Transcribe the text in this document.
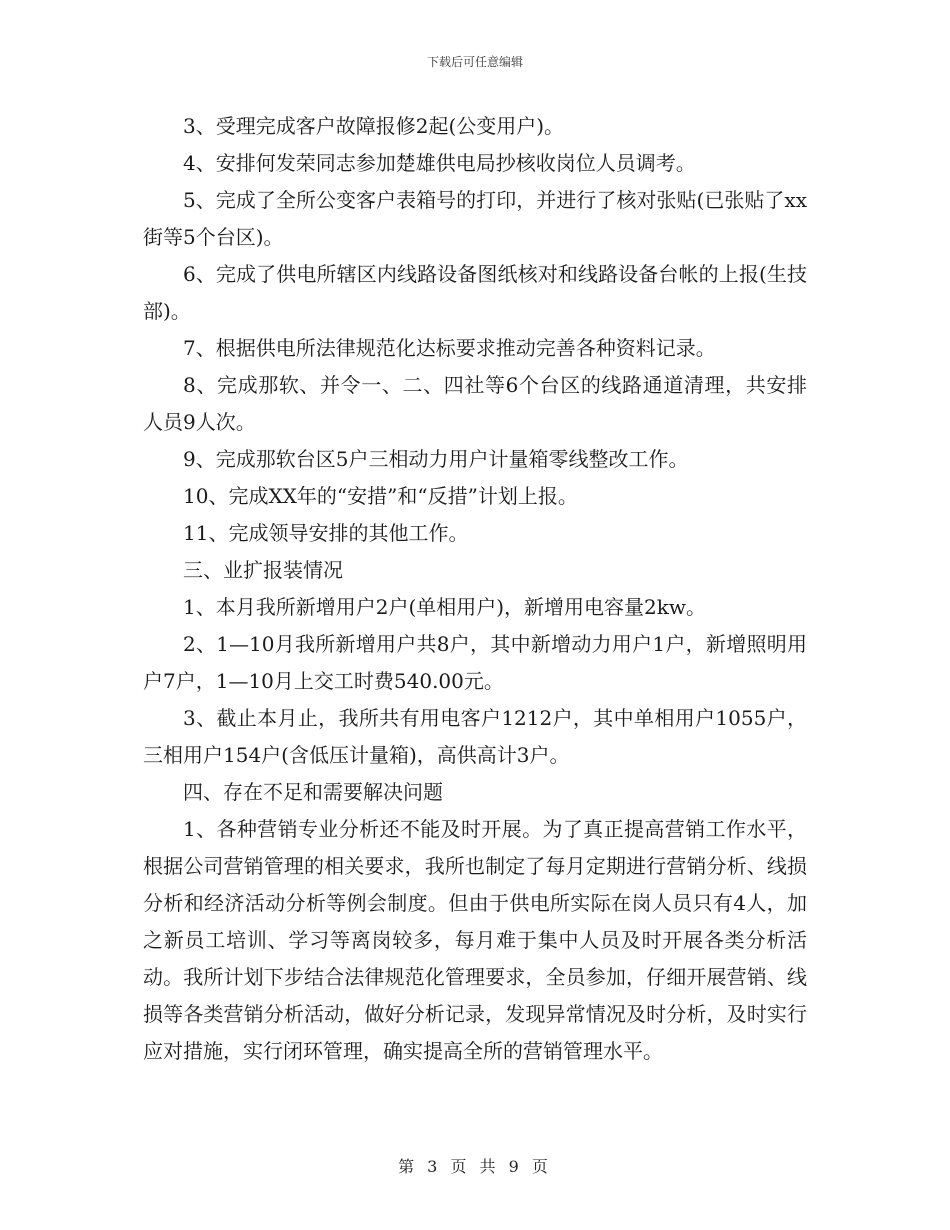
下载后可任意编辑

3、受理完成客户故障报修2起(公变用户)。

4、安排何发荣同志参加楚雄供电局抄核收岗位人员调考。

5、完成了全所公变客户表箱号的打印，并进行了核对张贴(已张贴了xx街等5个台区)。

6、完成了供电所辖区内线路设备图纸核对和线路设备台帐的上报(生技部)。

7、根据供电所法律规范化达标要求推动完善各种资料记录。

8、完成那软、并令一、二、四社等6个台区的线路通道清理，共安排人员9人次。

9、完成那软台区5户三相动力用户计量箱零线整改工作。

10、完成XX年的“安措”和“反措”计划上报。

11、完成领导安排的其他工作。

三、业扩报装情况

1、本月我所新增用户2户(单相用户)，新增用电容量2kw。

2、1—10月我所新增用户共8户，其中新增动力用户1户，新增照明用户7户，1—10月上交工时费540.00元。

3、截止本月止，我所共有用电客户1212户，其中单相用户1055户，三相用户154户(含低压计量箱)，高供高计3户。

四、存在不足和需要解决问题

1、各种营销专业分析还不能及时开展。为了真正提高营销工作水平，根据公司营销管理的相关要求，我所也制定了每月定期进行营销分析、线损分析和经济活动分析等例会制度。但由于供电所实际在岗人员只有4人，加之新员工培训、学习等离岗较多，每月难于集中人员及时开展各类分析活动。我所计划下步结合法律规范化管理要求，全员参加，仔细开展营销、线损等各类营销分析活动，做好分析记录，发现异常情况及时分析，及时实行应对措施，实行闭环管理，确实提高全所的营销管理水平。

第 3 页 共 9 页
